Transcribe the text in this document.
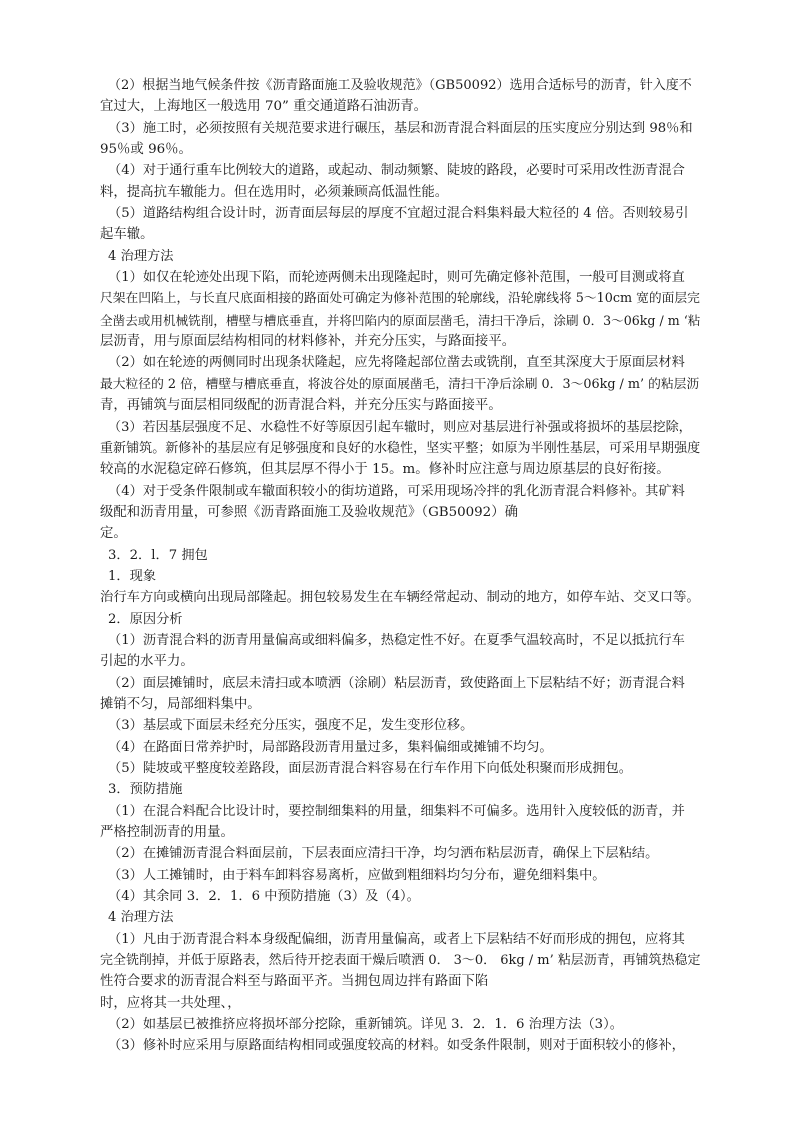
（2）根据当地气候条件按《沥青路面施工及验收规范》（GB50092）选用合适标号的沥青，针入度不
宜过大，上海地区一般选用 70” 重交通道路石油沥青。
（3）施工时，必须按照有关规范要求进行碾压，基层和沥青混合料面层的压实度应分别达到 98％和
95％或 96％。
（4）对于通行重车比例较大的道路，或起动、制动频繁、陡坡的路段，必要时可采用改性沥青混合
料，提高抗车辙能力。但在选用时，必须兼顾高低温性能。
（5）道路结构组合设计时，沥青面层每层的厚度不宜超过混合料集料最大粒径的 4 倍。否则较易引
起车辙。
4 治理方法
（1）如仅在轮迹处出现下陷，而轮迹两侧未出现隆起时，则可先确定修补范围，一般可目测或将直
尺架在凹陷上，与长直尺底面相接的路面处可确定为修补范围的轮廓线，沿轮廓线将 5～10cm 宽的面层完
全凿去或用机械铣削，槽壁与槽底垂直，并将凹陷内的原面层凿毛，清扫干净后，涂刷 0．3～06kg / m ‘粘
层沥青，用与原面层结构相同的材料修补，并充分压实，与路面接平。
（2）如在轮迹的两侧同时出现条状隆起，应先将隆起部位凿去或铣削，直至其深度大于原面层材料
最大粒径的 2 倍，槽壁与槽底垂直，将波谷处的原面展凿毛，清扫干净后涂刷 0．3～06kg / m’ 的粘层沥
青，再铺筑与面层相同级配的沥青混合料，并充分压实与路面接平。
（3）若因基层强度不足、水稳性不好等原因引起车辙时，则应对基层进行补强或将损坏的基层挖除，
重新铺筑。新修补的基层应有足够强度和良好的水稳性，坚实平整；如原为半刚性基层，可采用早期强度
较高的水泥稳定碎石修筑，但其层厚不得小于 15。m。修补时应注意与周边原基层的良好衔接。
（4）对于受条件限制或车辙面积较小的街坊道路，可采用现场冷拌的乳化沥青混合料修补。其矿料
级配和沥青用量，可参照《沥青路面施工及验收规范》（GB50092）确
定。
3．2．l．7 拥包
1．现象
治行车方向或横向出现局部隆起。拥包较易发生在车辆经常起动、制动的地方，如停车站、交叉口等。
2．原因分析
（1）沥青混合料的沥青用量偏高或细料偏多，热稳定性不好。在夏季气温较高时，不足以抵抗行车
引起的水平力。
（2）面层摊铺时，底层未清扫或本喷洒（涂刷）粘层沥青，致使路面上下层粘结不好；沥青混合料
摊销不匀，局部细料集中。
（3）基层或下面层未经充分压实，强度不足，发生变形位移。
（4）在路面日常养护时，局部路段沥青用量过多，集料偏细或摊铺不均匀。
（5）陡坡或平整度较差路段，面层沥青混合料容易在行车作用下向低处积聚而形成拥包。
3．预防措施
（1）在混合料配合比设计时，要控制细集料的用量，细集料不可偏多。选用针入度较低的沥青，并
严格控制沥青的用量。
（2）在摊铺沥青混合料面层前，下层表面应清扫干净，均匀洒布粘层沥青，确保上下层粘结。
（3）人工摊铺时，由于料车卸料容易离析，应做到粗细料均匀分布，避免细料集中。
（4）其余同 3．2．1．6 中预防措施（3）及（4）。
4 治理方法
（1）凡由于沥青混合料本身级配偏细，沥青用量偏高，或者上下层粘结不好而形成的拥包，应将其
完全铣削掉，并低于原路表，然后待开挖表面干燥后喷洒 0． 3～0． 6kg / m’ 粘层沥青，再铺筑热稳定
性符合要求的沥青混合料至与路面平齐。当拥包周边拌有路面下陷
时，应将其一共处理、，
（2）如基层已被推挤应将损坏部分挖除，重新铺筑。详见 3．2．1．6 治理方法（3）。
（3）修补时应采用与原路面结构相同或强度较高的材料。如受条件限制，则对于面积较小的修补，
